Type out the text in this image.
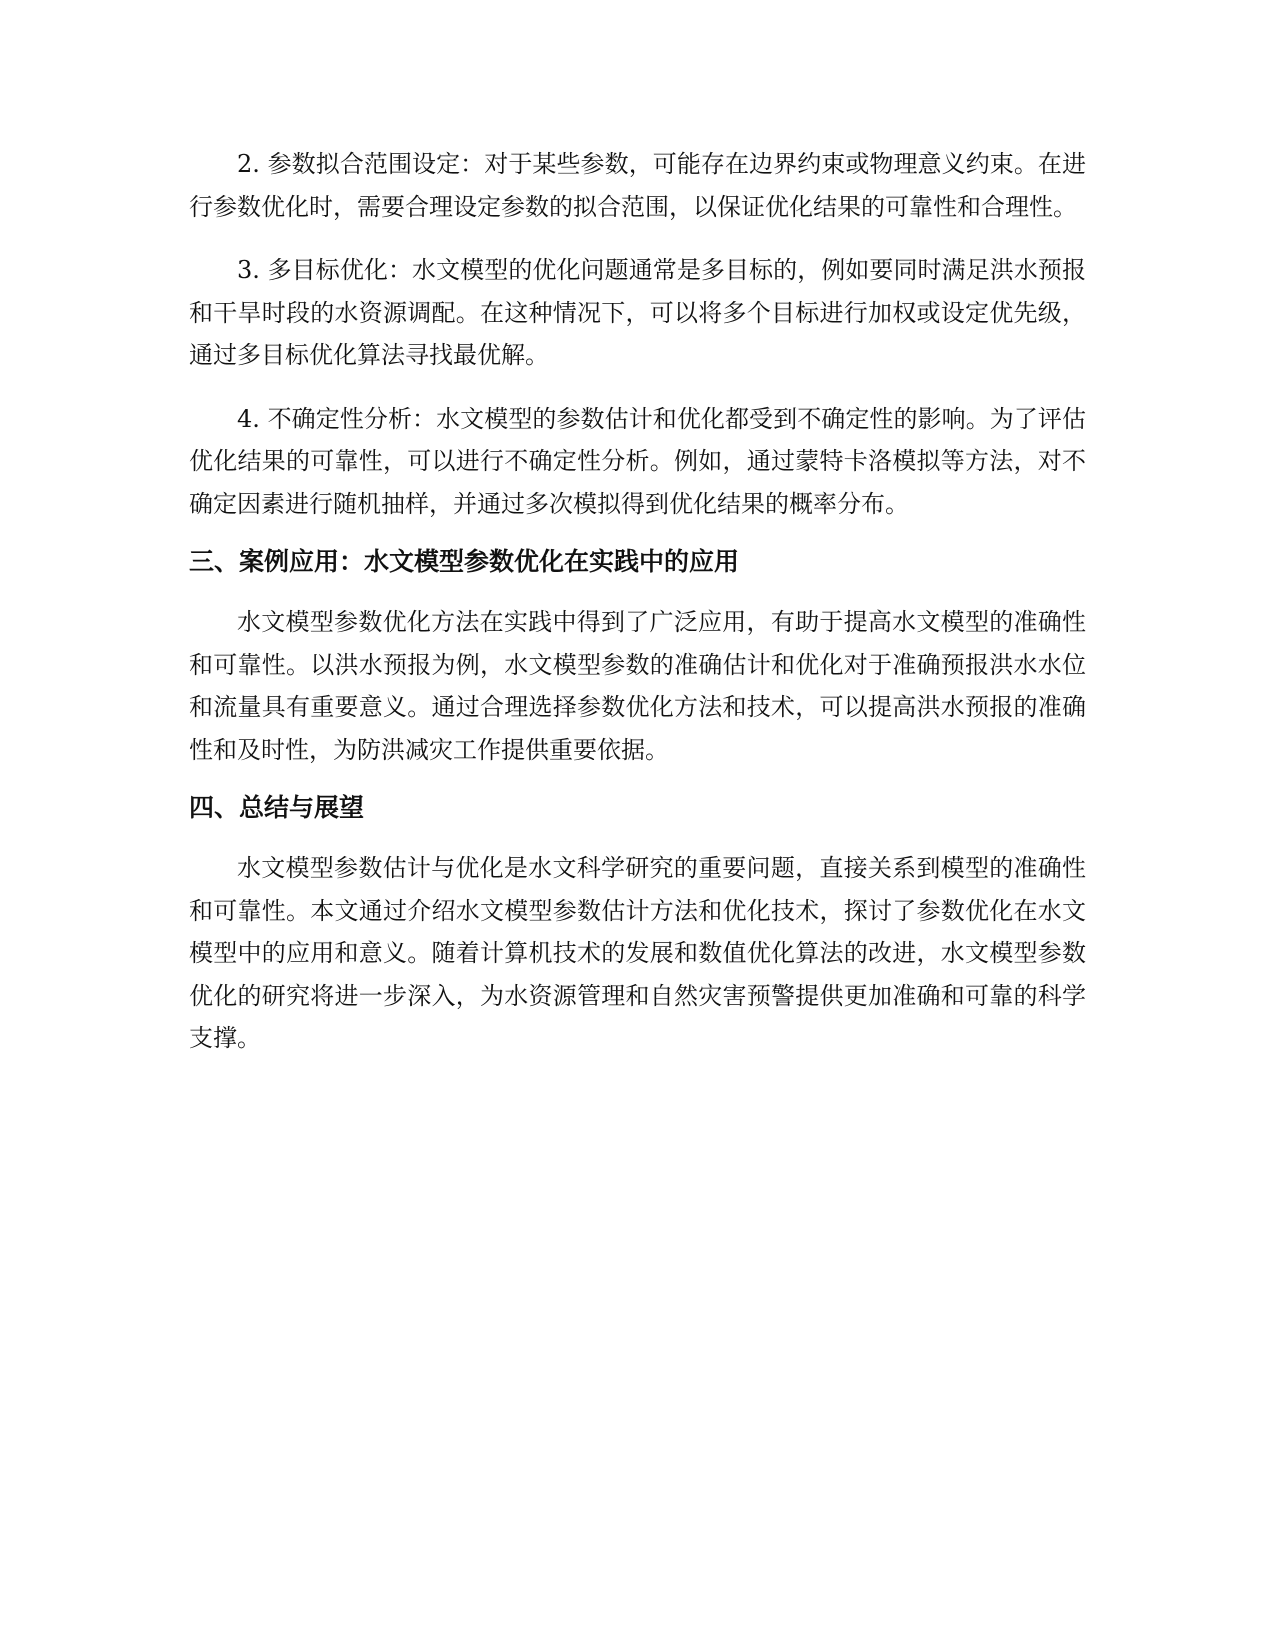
2. 参数拟合范围设定：对于某些参数，可能存在边界约束或物理意义约束。在进行参数优化时，需要合理设定参数的拟合范围，以保证优化结果的可靠性和合理性。

3. 多目标优化：水文模型的优化问题通常是多目标的，例如要同时满足洪水预报和干旱时段的水资源调配。在这种情况下，可以将多个目标进行加权或设定优先级，通过多目标优化算法寻找最优解。

4. 不确定性分析：水文模型的参数估计和优化都受到不确定性的影响。为了评估优化结果的可靠性，可以进行不确定性分析。例如，通过蒙特卡洛模拟等方法，对不确定因素进行随机抽样，并通过多次模拟得到优化结果的概率分布。

三、案例应用：水文模型参数优化在实践中的应用

水文模型参数优化方法在实践中得到了广泛应用，有助于提高水文模型的准确性和可靠性。以洪水预报为例，水文模型参数的准确估计和优化对于准确预报洪水水位和流量具有重要意义。通过合理选择参数优化方法和技术，可以提高洪水预报的准确性和及时性，为防洪减灾工作提供重要依据。

四、总结与展望

水文模型参数估计与优化是水文科学研究的重要问题，直接关系到模型的准确性和可靠性。本文通过介绍水文模型参数估计方法和优化技术，探讨了参数优化在水文模型中的应用和意义。随着计算机技术的发展和数值优化算法的改进，水文模型参数优化的研究将进一步深入，为水资源管理和自然灾害预警提供更加准确和可靠的科学支撑。
